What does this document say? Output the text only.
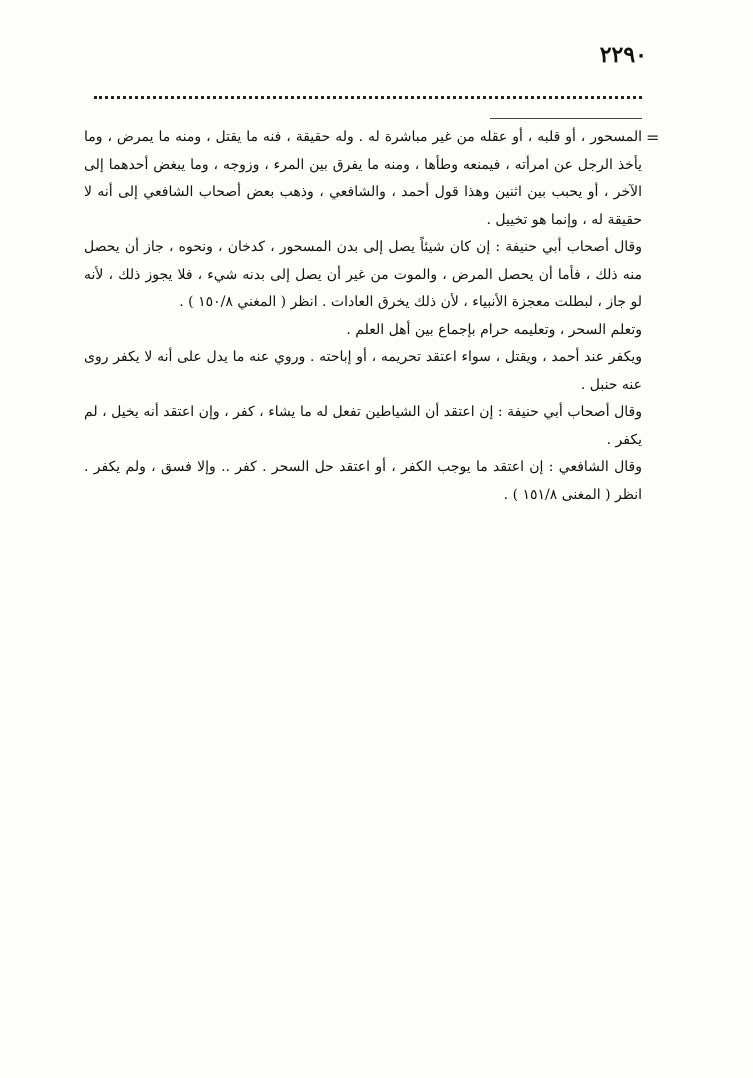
٢٢٩٠
=

المسحور ، أو قلبه ، أو عقله من غير مباشرة له . وله حقيقة ، فنه ما يقتل ، ومنه ما يمرض ، وما يأخذ الرجل عن امرأته ، فيمنعه وطأها ، ومنه ما يفرق بين المرء ، وزوجه ، وما يبغض أحدهما إلى الآخر ، أو يحبب بين اثنين وهذا قول أحمد ، والشافعي ، وذهب بعض أصحاب الشافعي إلى أنه لا حقيقة له ، وإنما هو تخييل .

وقال أصحاب أبي حنيفة : إن كان شيئاً يصل إلى بدن المسحور ، كدخان ، ونحوه ، جاز أن يحصل منه ذلك ، فأما أن يحصل المرض ، والموت من غير أن يصل إلى بدنه شيء ، فلا يجوز ذلك ، لأنه لو جاز ، لبطلت معجزة الأنبياء ، لأن ذلك يخرق العادات . انظر ( المغني ١٥٠/٨ ) .

وتعلم السحر ، وتعليمه حرام بإجماع بين أهل العلم .

ويكفر عند أحمد ، ويقتل ، سواء اعتقد تحريمه ، أو إباحته . وروي عنه ما يدل على أنه لا يكفر روى عنه حنبل .

وقال أصحاب أبي حنيفة : إن اعتقد أن الشياطين تفعل له ما يشاء ، كفر ، وإن اعتقد أنه يخيل ، لم يكفر .

وقال الشافعي : إن اعتقد ما يوجب الكفر ، أو اعتقد حل السحر . كفر .. وإلا فسق ، ولم يكفر . انظر ( المغنى ١٥١/٨ ) .
